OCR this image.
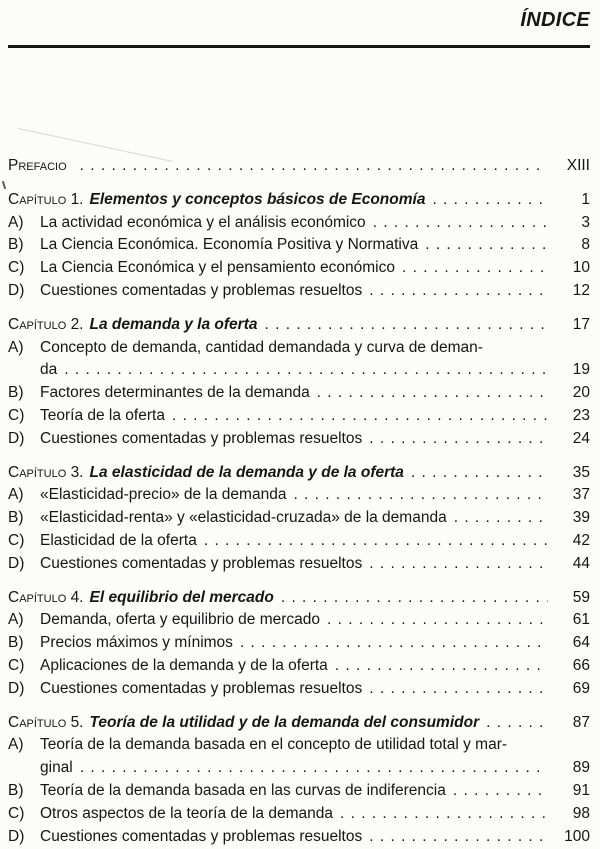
ÍNDICE
Prefacio . . .	XIII
Capítulo 1. Elementos y conceptos básicos de Economía . . .	1
A)	La actividad económica y el análisis económico . . .	3
B)	La Ciencia Económica. Economía Positiva y Normativa . . .	8
C)	La Ciencia Económica y el pensamiento económico . . .	10
D)	Cuestiones comentadas y problemas resueltos . . .	12
Capítulo 2. La demanda y la oferta . . .	17
A)	Concepto de demanda, cantidad demandada y curva de deman-
da . . .	19
B)	Factores determinantes de la demanda . . .	20
C)	Teoría de la oferta . . .	23
D)	Cuestiones comentadas y problemas resueltos . . .	24
Capítulo 3. La elasticidad de la demanda y de la oferta . . .	35
A)	«Elasticidad-precio» de la demanda . . .	37
B)	«Elasticidad-renta» y «elasticidad-cruzada» de la demanda . . .	39
C)	Elasticidad de la oferta . . .	42
D)	Cuestiones comentadas y problemas resueltos . . .	44
Capítulo 4. El equilibrio del mercado . . .	59
A)	Demanda, oferta y equilibrio de mercado . . .	61
B)	Precios máximos y mínimos . . .	64
C)	Aplicaciones de la demanda y de la oferta . . .	66
D)	Cuestiones comentadas y problemas resueltos . . .	69
Capítulo 5. Teoría de la utilidad y de la demanda del consumidor . . .	87
A)	Teoría de la demanda basada en el concepto de utilidad total y mar-
ginal . . .	89
B)	Teoría de la demanda basada en las curvas de indiferencia . . .	91
C)	Otros aspectos de la teoría de la demanda . . .	98
D)	Cuestiones comentadas y problemas resueltos . . .	100
